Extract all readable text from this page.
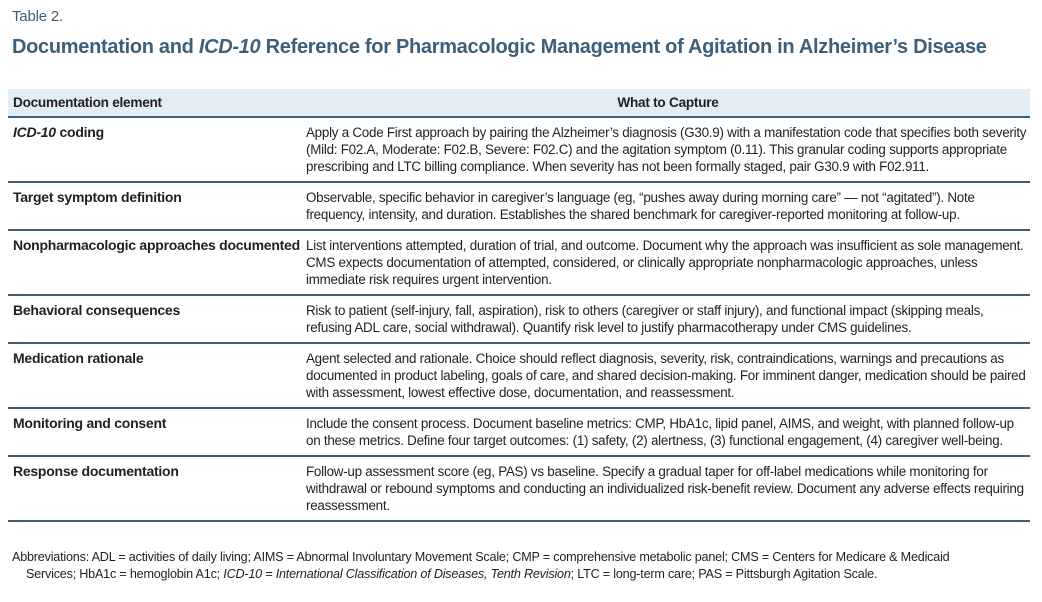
Table 2.
Documentation and ICD-10 Reference for Pharmacologic Management of Agitation in Alzheimer’s Disease
Documentation element	What to Capture
ICD-10 coding	Apply a Code First approach by pairing the Alzheimer’s diagnosis (G30.9) with a manifestation code that specifies both severity (Mild: F02.A, Moderate: F02.B, Severe: F02.C) and the agitation symptom (0.11). This granular coding supports appropriate prescribing and LTC billing compliance. When severity has not been formally staged, pair G30.9 with F02.911.
Target symptom definition	Observable, specific behavior in caregiver’s language (eg, “pushes away during morning care” — not “agitated”). Note frequency, intensity, and duration. Establishes the shared benchmark for caregiver-reported monitoring at follow-up.
Nonpharmacologic approaches documented	List interventions attempted, duration of trial, and outcome. Document why the approach was insufficient as sole management. CMS expects documentation of attempted, considered, or clinically appropriate nonpharmacologic approaches, unless immediate risk requires urgent intervention.
Behavioral consequences	Risk to patient (self-injury, fall, aspiration), risk to others (caregiver or staff injury), and functional impact (skipping meals, refusing ADL care, social withdrawal). Quantify risk level to justify pharmacotherapy under CMS guidelines.
Medication rationale	Agent selected and rationale. Choice should reflect diagnosis, severity, risk, contraindications, warnings and precautions as documented in product labeling, goals of care, and shared decision-making. For imminent danger, medication should be paired with assessment, lowest effective dose, documentation, and reassessment.
Monitoring and consent	Include the consent process. Document baseline metrics: CMP, HbA1c, lipid panel, AIMS, and weight, with planned follow-up on these metrics. Define four target outcomes: (1) safety, (2) alertness, (3) functional engagement, (4) caregiver well-being.
Response documentation	Follow-up assessment score (eg, PAS) vs baseline. Specify a gradual taper for off-label medications while monitoring for withdrawal or rebound symptoms and conducting an individualized risk-benefit review. Document any adverse effects requiring reassessment.
Abbreviations: ADL = activities of daily living; AIMS = Abnormal Involuntary Movement Scale; CMP = comprehensive metabolic panel; CMS = Centers for Medicare & Medicaid
Services; HbA1c = hemoglobin A1c; ICD-10 = International Classification of Diseases, Tenth Revision; LTC = long-term care; PAS = Pittsburgh Agitation Scale.
